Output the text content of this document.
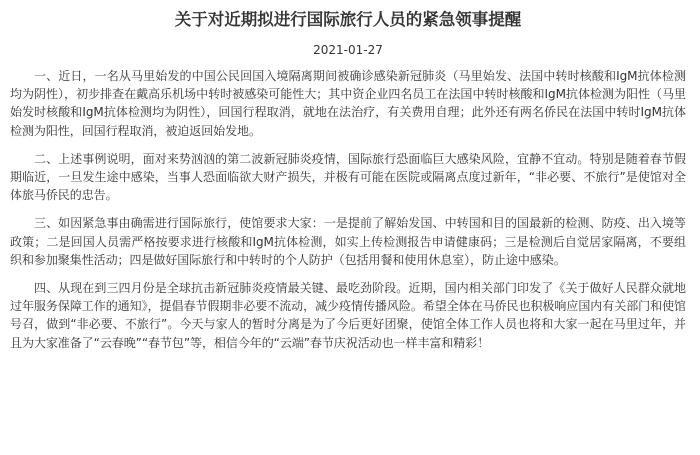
关于对近期拟进行国际旅行人员的紧急领事提醒
2021-01-27

一、近日，一名从马里始发的中国公民回国入境隔离期间被确诊感染新冠肺炎（马里始发、法国中转时核酸和IgM抗体检测均为阴性），初步排查在戴高乐机场中转时被感染可能性大；其中资企业四名员工在法国中转时核酸和IgM抗体检测为阳性（马里始发时核酸和IgM抗体检测均为阴性），回国行程取消，就地在法治疗，有关费用自理；此外还有两名侨民在法国中转时IgM抗体检测为阳性，回国行程取消，被迫返回始发地。

二、上述事例说明，面对来势汹汹的第二波新冠肺炎疫情，国际旅行恐面临巨大感染风险，宜静不宜动。特别是随着春节假期临近，一旦发生途中感染，当事人恐面临欲大财产损失，并极有可能在医院或隔离点度过新年，“非必要、不旅行”是使馆对全体旅马侨民的忠告。

三、如因紧急事由确需进行国际旅行，使馆要求大家：一是提前了解始发国、中转国和目的国最新的检测、防疫、出入境等政策；二是回国人员需严格按要求进行核酸和IgM抗体检测，如实上传检测报告申请健康码；三是检测后自觉居家隔离，不要组织和参加聚集性活动；四是做好国际旅行和中转时的个人防护（包括用餐和使用休息室），防止途中感染。

四、从现在到三四月份是全球抗击新冠肺炎疫情最关键、最吃劲阶段。近期，国内相关部门印发了《关于做好人民群众就地过年服务保障工作的通知》，提倡春节假期非必要不流动，减少疫情传播风险。希望全体在马侨民也积极响应国内有关部门和使馆号召，做到“非必要、不旅行”。今天与家人的暂时分离是为了今后更好团聚，使馆全体工作人员也将和大家一起在马里过年，并且为大家准备了“云春晚”“春节包”等，相信今年的“云端”春节庆祝活动也一样丰富和精彩！
